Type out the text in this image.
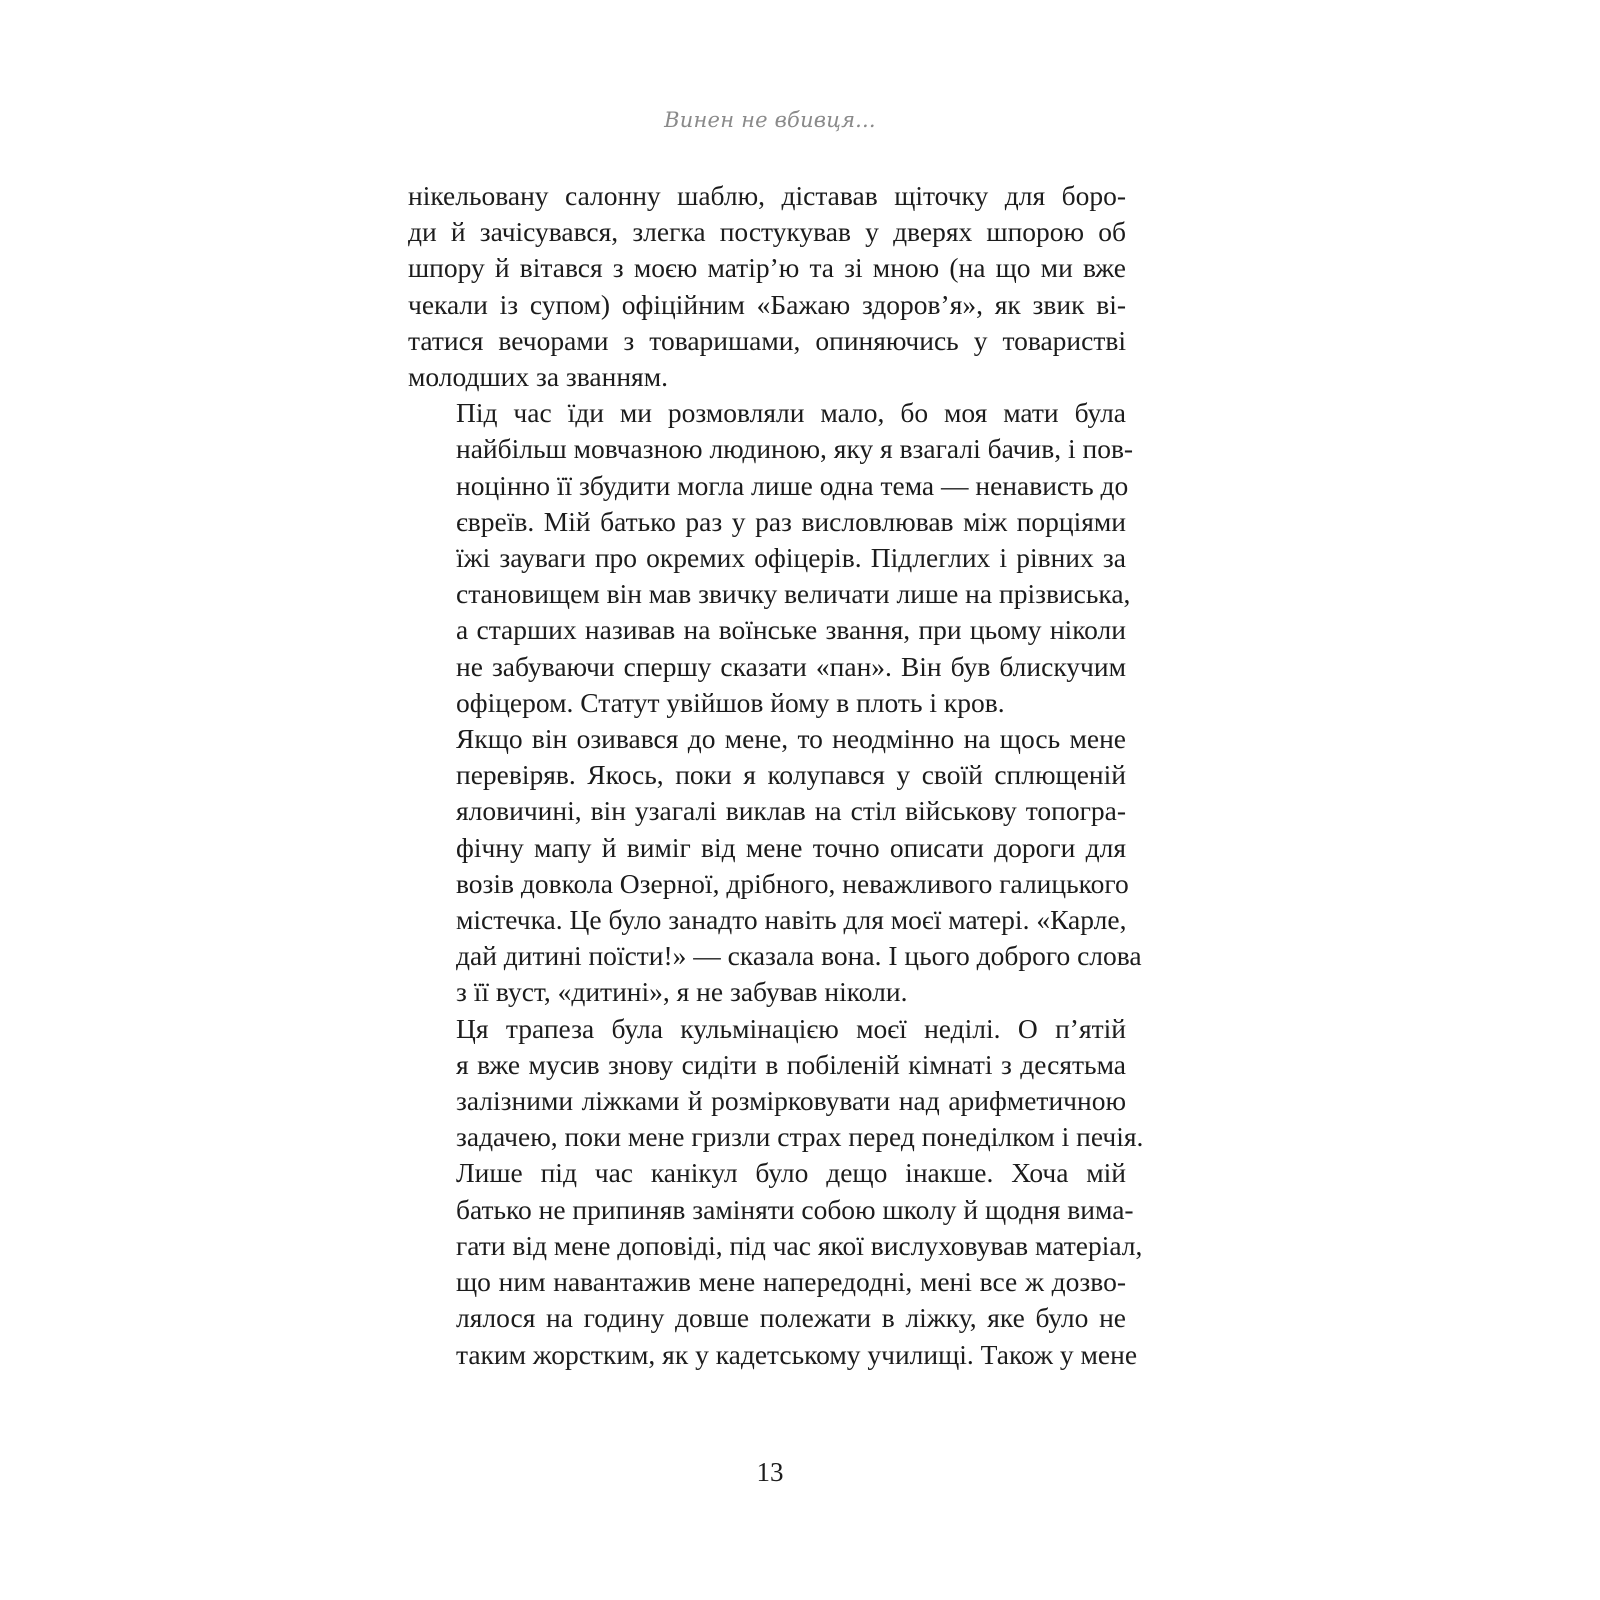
Винен не вбивця...

нікельовану салонну шаблю, діставав щіточку для боро-
ди й зачісувався, злегка постукував у дверях шпорою об
шпору й вітався з моєю матір’ю та зі мною (на що ми вже
чекали із супом) офіційним «Бажаю здоров’я», як звик ві-
татися вечорами з товаришами, опиняючись у товаристві
молодших за званням.

Під час їди ми розмовляли мало, бо моя мати була
найбільш мовчазною людиною, яку я взагалі бачив, і пов-
ноцінно її збудити могла лише одна тема — ненависть до
євреїв. Мій батько раз у раз висловлював між порціями
їжі зауваги про окремих офіцерів. Підлеглих і рівних за
становищем він мав звичку величати лише на прізвиська,
а старших називав на воїнське звання, при цьому ніколи
не забуваючи спершу сказати «пан». Він був блискучим
офіцером. Статут увійшов йому в плоть і кров.

Якщо він озивався до мене, то неодмінно на щось мене
перевіряв. Якось, поки я колупався у своїй сплющеній
яловичині, він узагалі виклав на стіл військову топогра-
фічну мапу й виміг від мене точно описати дороги для
возів довкола Озерної, дрібного, неважливого галицького
містечка. Це було занадто навіть для моєї матері. «Карле,
дай дитині поїсти!» — сказала вона. І цього доброго слова
з її вуст, «дитині», я не забував ніколи.

Ця трапеза була кульмінацією моєї неділі. О п’ятій
я вже мусив знову сидіти в побіленій кімнаті з десятьма
залізними ліжками й розмірковувати над арифметичною
задачею, поки мене гризли страх перед понеділком і печія.

Лише під час канікул було дещо інакше. Хоча мій
батько не припиняв заміняти собою школу й щодня вима-
гати від мене доповіді, під час якої вислуховував матеріал,
що ним навантажив мене напередодні, мені все ж дозво-
лялося на годину довше полежати в ліжку, яке було не
таким жорстким, як у кадетському училищі. Також у мене

13
